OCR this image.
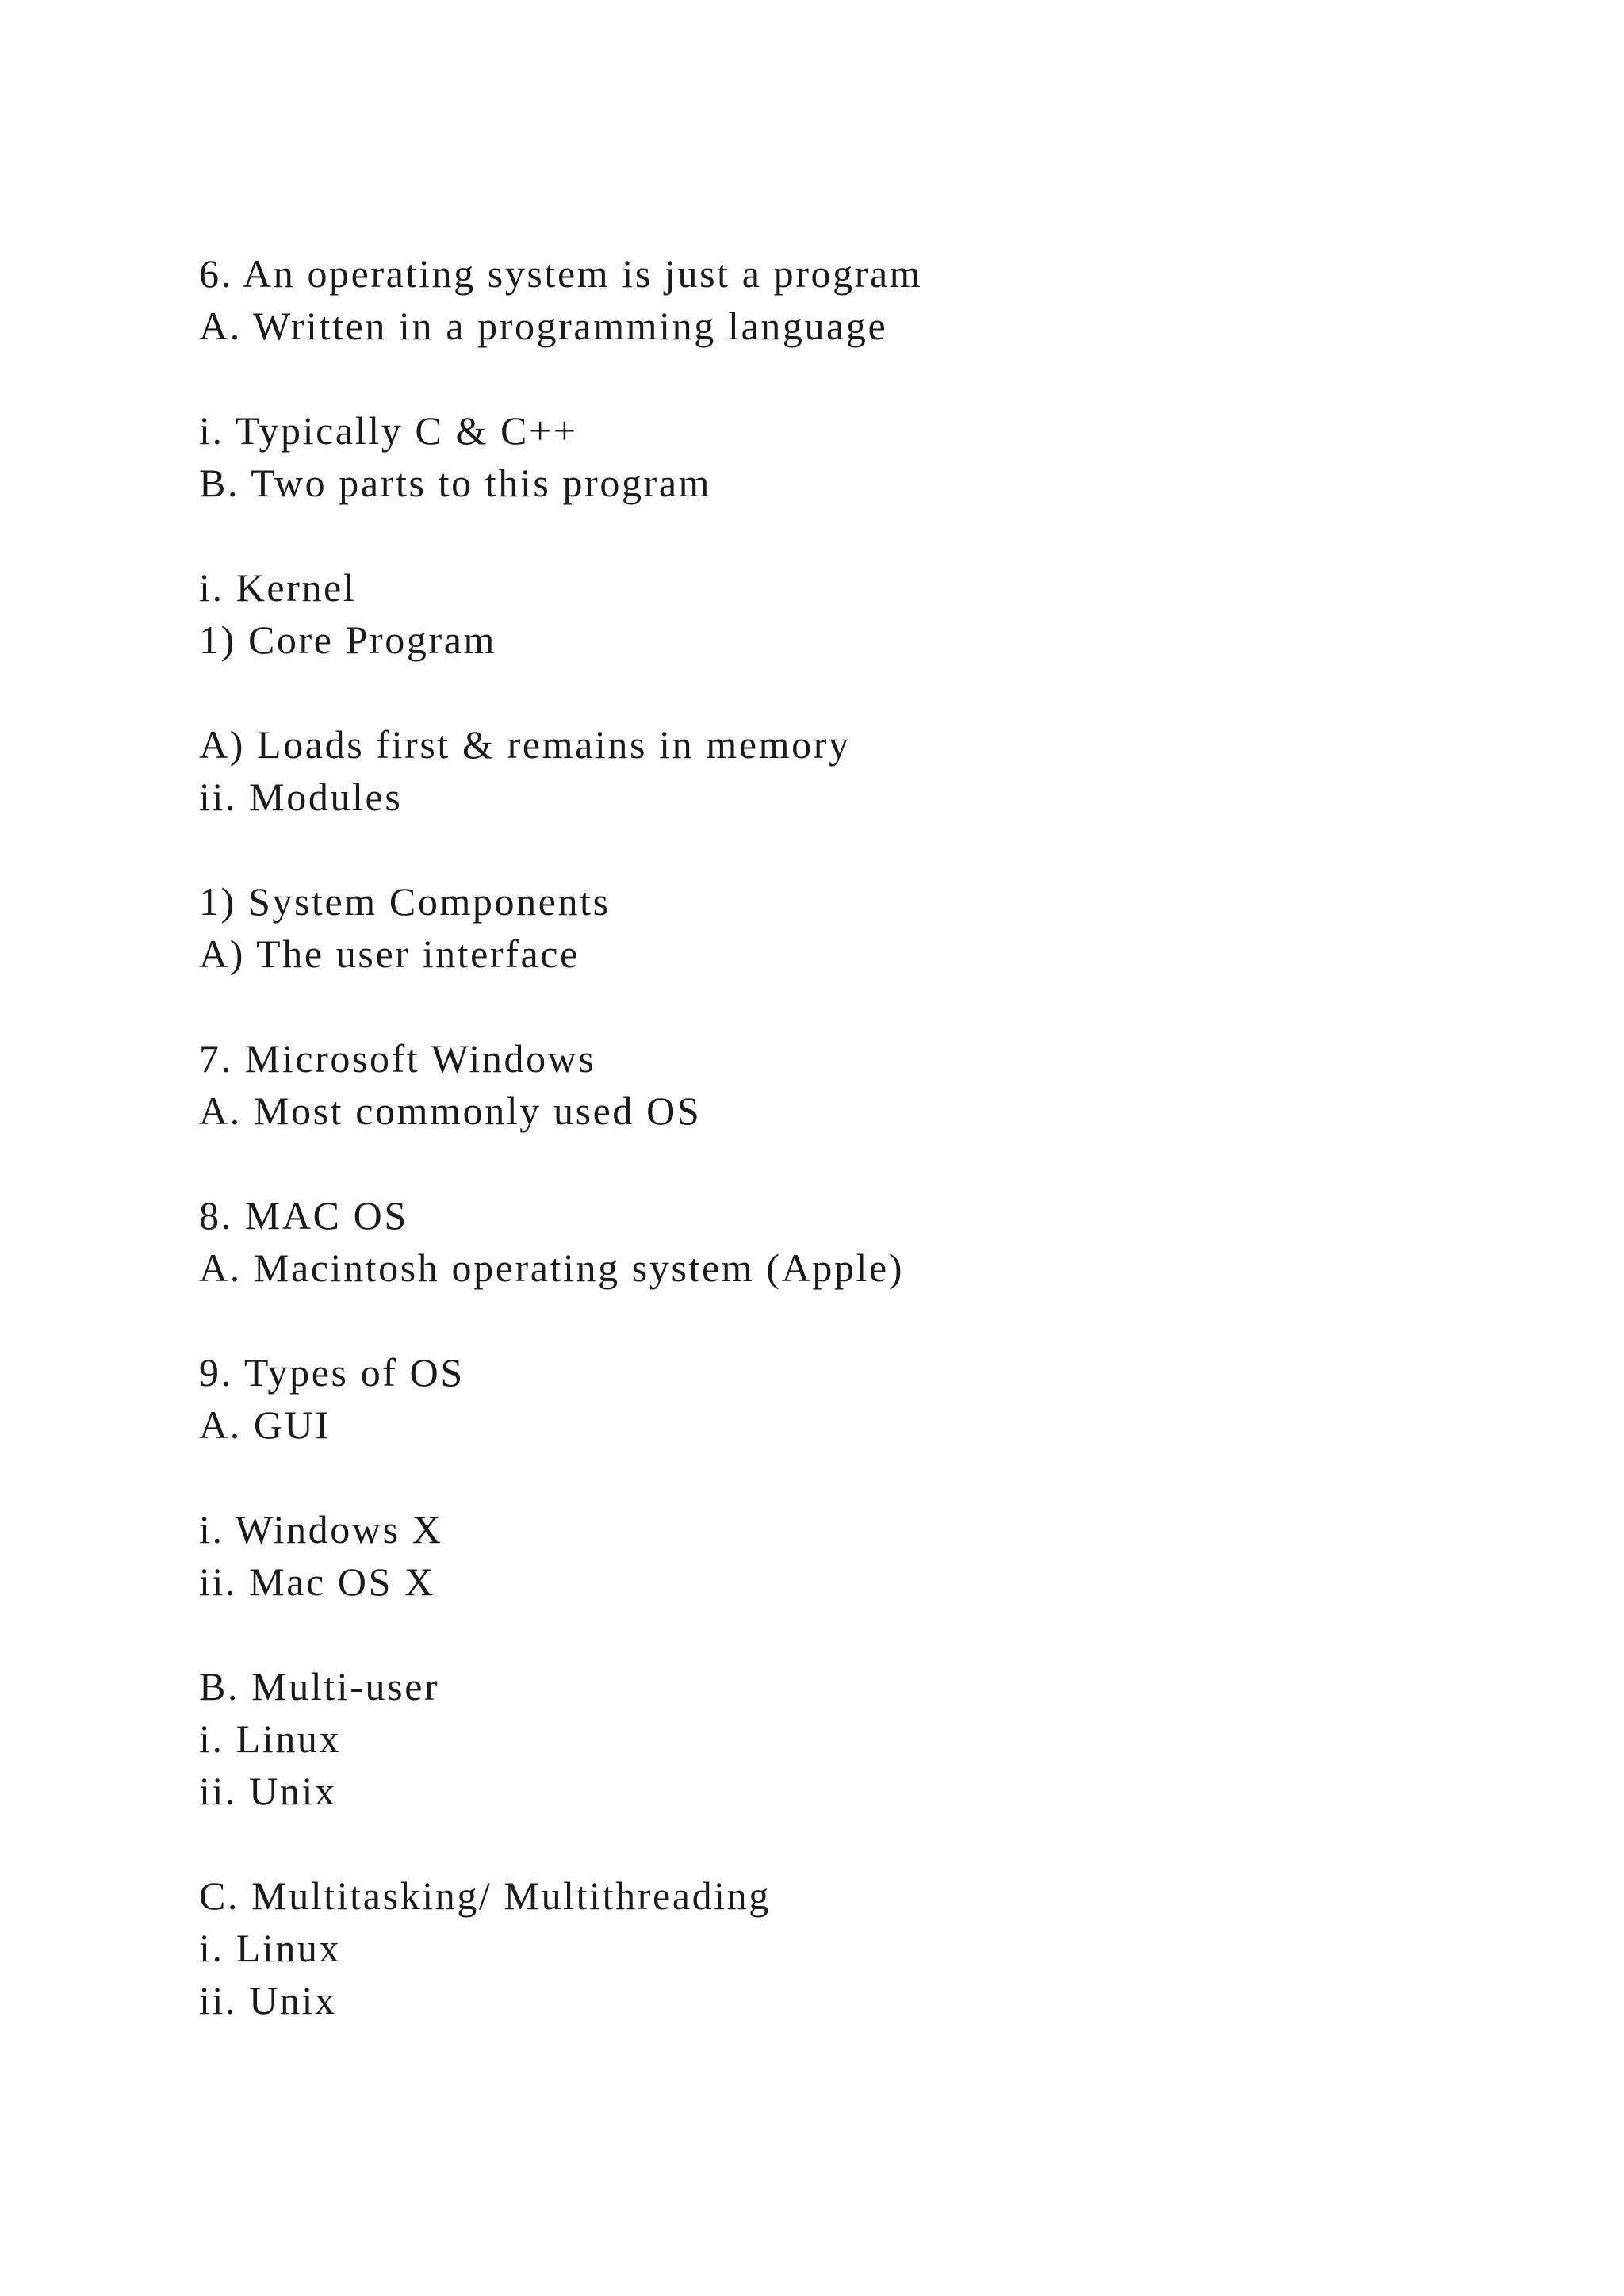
6. An operating system is just a program
A. Written in a programming language
i. Typically C & C++
B. Two parts to this program
i. Kernel
1) Core Program
A) Loads first & remains in memory
ii. Modules
1) System Components
A) The user interface
7. Microsoft Windows
A. Most commonly used OS
8. MAC OS
A. Macintosh operating system (Apple)
9. Types of OS
A. GUI
i. Windows X
ii. Mac OS X
B. Multi-user
i. Linux
ii. Unix
C. Multitasking/ Multithreading
i. Linux
ii. Unix
